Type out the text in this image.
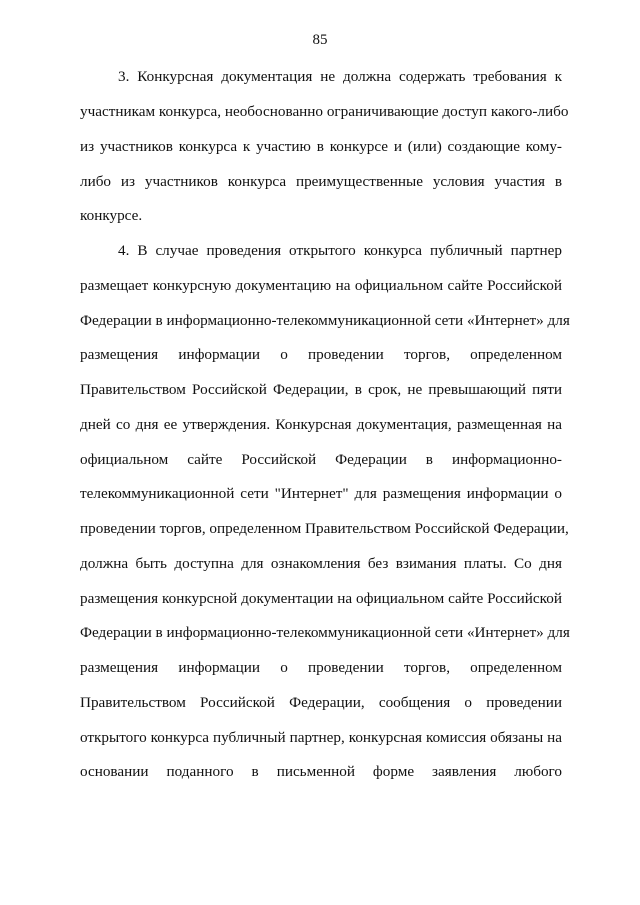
85
3. Конкурсная документация не должна содержать требования к
участникам конкурса, необоснованно ограничивающие доступ какого-либо
из участников конкурса к участию в конкурсе и (или) создающие кому-
либо из участников конкурса преимущественные условия участия в
конкурсе.
4. В случае проведения открытого конкурса публичный партнер
размещает конкурсную документацию на официальном сайте Российской
Федерации в информационно-телекоммуникационной сети «Интернет» для
размещения информации о проведении торгов, определенном
Правительством Российской Федерации, в срок, не превышающий пяти
дней со дня ее утверждения. Конкурсная документация, размещенная на
официальном сайте Российской Федерации в информационно-
телекоммуникационной сети "Интернет" для размещения информации о
проведении торгов, определенном Правительством Российской Федерации,
должна быть доступна для ознакомления без взимания платы. Со дня
размещения конкурсной документации на официальном сайте Российской
Федерации в информационно-телекоммуникационной сети «Интернет» для
размещения информации о проведении торгов, определенном
Правительством Российской Федерации, сообщения о проведении
открытого конкурса публичный партнер, конкурсная комиссия обязаны на
основании поданного в письменной форме заявления любого
